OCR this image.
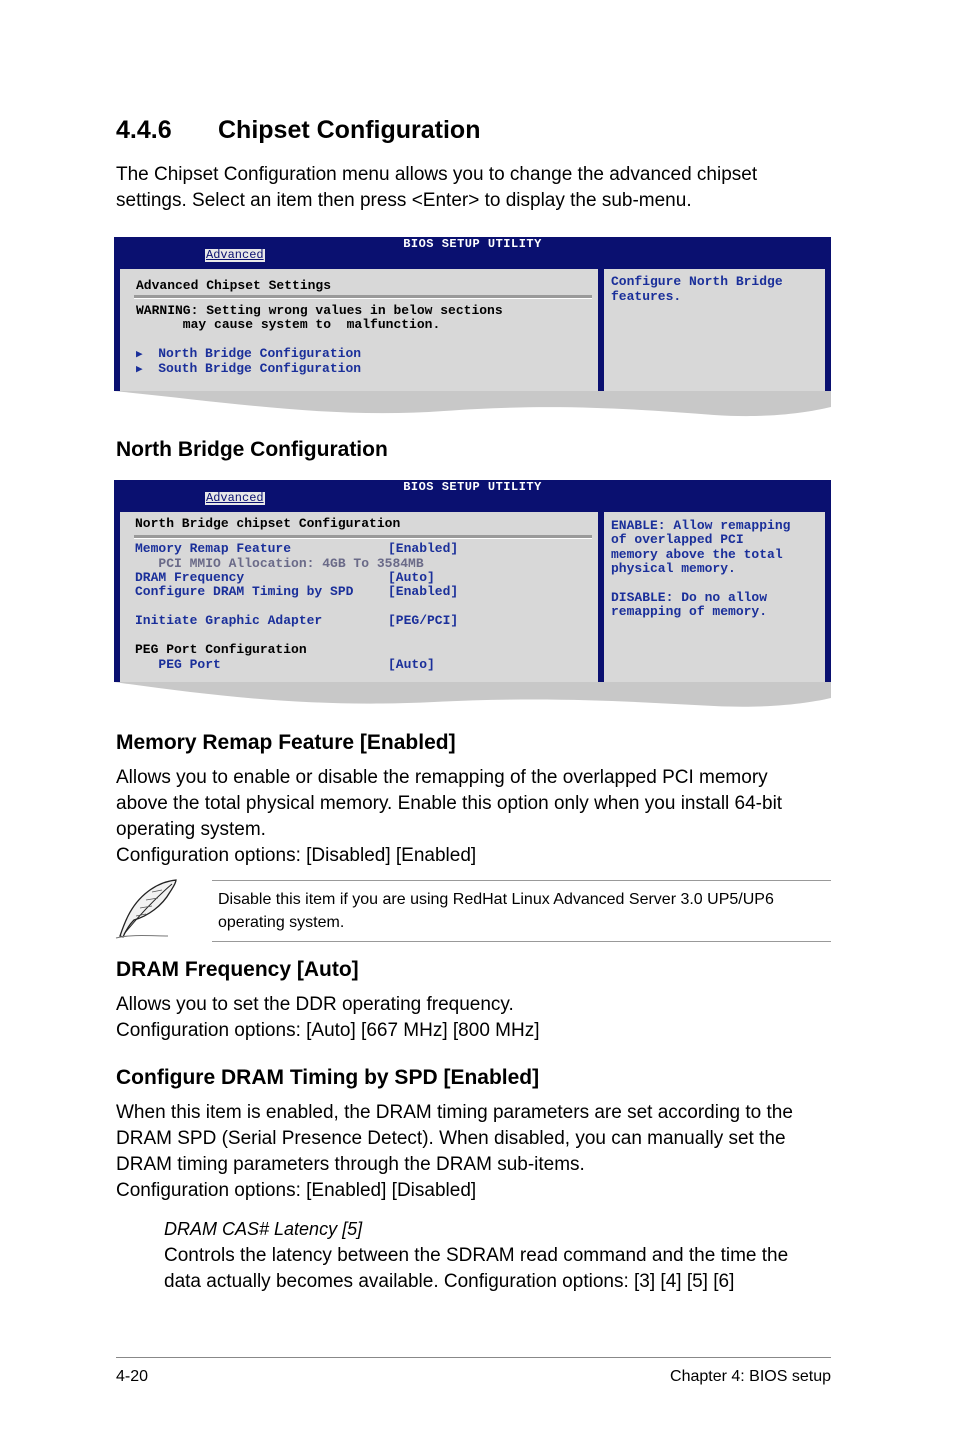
4.4.6 Chipset Configuration

The Chipset Configuration menu allows you to change the advanced chipset

settings. Select an item then press <Enter> to display the sub-menu.

BIOS SETUP UTILITY
Advanced
Advanced Chipset Settings
WARNING: Setting wrong values in below sections
may cause system to  malfunction.
▶ North Bridge Configuration
▶ South Bridge Configuration
Configure North Bridge
features.
North Bridge Configuration
BIOS SETUP UTILITY
Advanced
North Bridge chipset Configuration
Memory Remap Feature	[Enabled]
PCI MMIO Allocation: 4GB To 3584MB
DRAM Frequency	[Auto]
Configure DRAM Timing by SPD	[Enabled]
Initiate Graphic Adapter	[PEG/PCI]
PEG Port Configuration
PEG Port	[Auto]
ENABLE: Allow remapping
of overlapped PCI
memory above the total
physical memory.
DISABLE: Do no allow
remapping of memory.
Memory Remap Feature [Enabled]

Allows you to enable or disable the remapping of the overlapped PCI memory

above the total physical memory. Enable this option only when you install 64-bit

operating system.

Configuration options: [Disabled] [Enabled]

Disable this item if you are using RedHat Linux Advanced Server 3.0 UP5/UP6
operating system.
DRAM Frequency [Auto]

Allows you to set the DDR operating frequency.

Configuration options: [Auto] [667 MHz] [800 MHz]

Configure DRAM Timing by SPD [Enabled]

When this item is enabled, the DRAM timing parameters are set according to the

DRAM SPD (Serial Presence Detect). When disabled, you can manually set the

DRAM timing parameters through the DRAM sub-items.

Configuration options: [Enabled] [Disabled]

DRAM CAS# Latency [5]

Controls the latency between the SDRAM read command and the time the

data actually becomes available. Configuration options: [3] [4] [5] [6]

4-20	Chapter 4: BIOS setup
